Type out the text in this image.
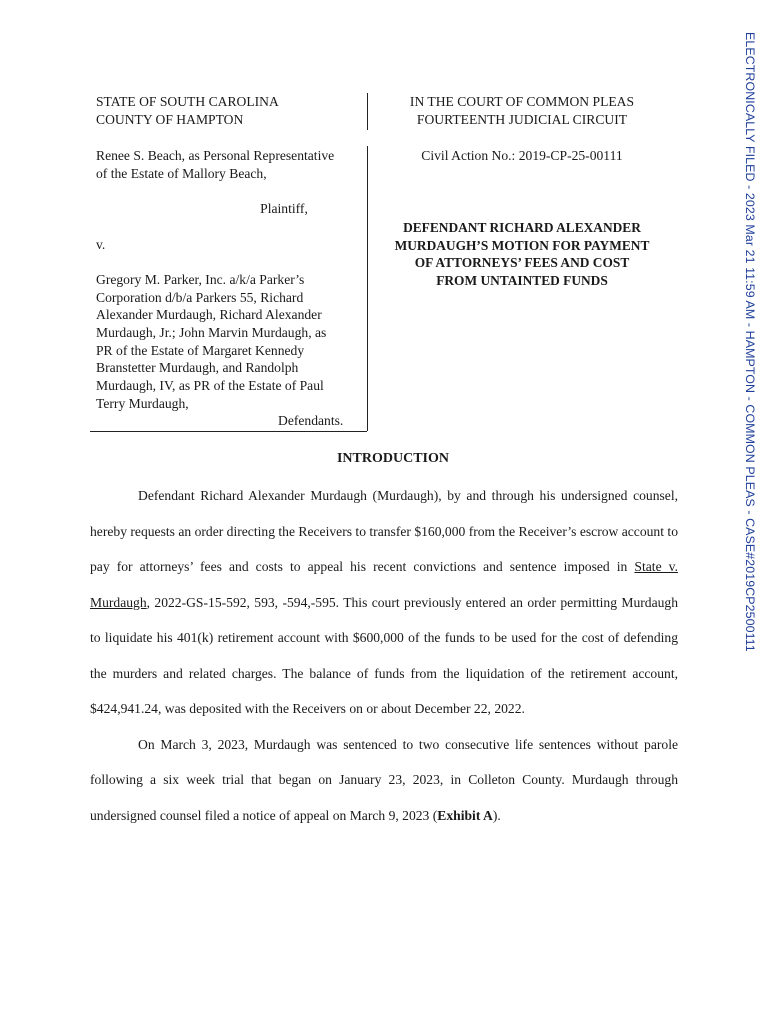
ELECTRONICALLY FILED - 2023 Mar 21 11:59 AM - HAMPTON - COMMON PLEAS - CASE#2019CP2500111
STATE OF SOUTH CAROLINA
COUNTY OF HAMPTON
IN THE COURT OF COMMON PLEAS
FOURTEENTH JUDICIAL CIRCUIT

Renee S. Beach, as Personal Representative

of the Estate of Mallory Beach,

Plaintiff,

v.

Gregory M. Parker, Inc. a/k/a Parker’s

Corporation d/b/a Parkers 55, Richard

Alexander Murdaugh, Richard Alexander

Murdaugh, Jr.; John Marvin Murdaugh, as

PR of the Estate of Margaret Kennedy

Branstetter Murdaugh, and Randolph

Murdaugh, IV, as PR of the Estate of Paul

Terry Murdaugh,

Defendants.

Civil Action No.: 2019-CP-25-00111
DEFENDANT RICHARD ALEXANDER
MURDAUGH’S MOTION FOR PAYMENT
OF ATTORNEYS’ FEES AND COST
FROM UNTAINTED FUNDS
INTRODUCTION

Defendant Richard Alexander Murdaugh (Murdaugh), by and through his undersigned counsel, hereby requests an order directing the Receivers to transfer $160,000 from the Receiver’s escrow account to pay for attorneys’ fees and costs to appeal his recent convictions and sentence imposed in State v. Murdaugh, 2022-GS-15-592, 593, -594,-595. This court previously entered an order permitting Murdaugh to liquidate his 401(k) retirement account with $600,000 of the funds to be used for the cost of defending the murders and related charges. The balance of funds from the liquidation of the retirement account, $424,941.24, was deposited with the Receivers on or about December 22, 2022.

On March 3, 2023, Murdaugh was sentenced to two consecutive life sentences without parole following a six week trial that began on January 23, 2023, in Colleton County. Murdaugh through undersigned counsel filed a notice of appeal on March 9, 2023 (Exhibit A).
